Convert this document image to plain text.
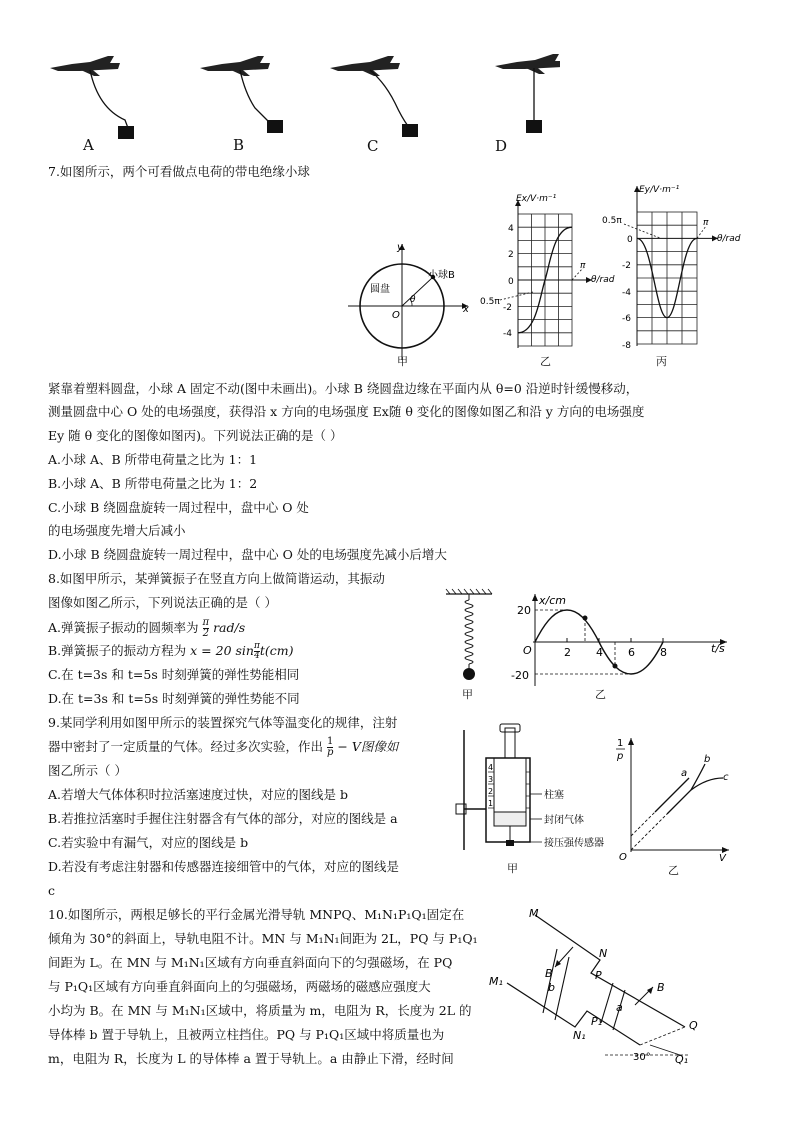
A	B	C	D
7.如图所示，两个可看做点电荷的带电绝缘小球
圆盘
小球B
O
θ
x
y
甲
Ex/V·m⁻¹
θ/rad
π
0.5π
4
2
0
-2
-4
乙
Ey/V·m⁻¹
θ/rad
π
0.5π
0
-2
-4
-6
-8
丙
紧靠着塑料圆盘，小球 A 固定不动(图中未画出)。小球 B 绕圆盘边缘在平面内从 θ=0 沿逆时针缓慢移动，
测量圆盘中心 O 处的电场强度，获得沿 x 方向的电场强度 Ex随 θ 变化的图像如图乙和沿 y 方向的电场强度
Ey 随 θ 变化的图像如图丙)。下列说法正确的是（ ）
A.小球 A、B 所带电荷量之比为 1：1
B.小球 A、B 所带电荷量之比为 1：2
C.小球 B 绕圆盘旋转一周过程中，盘中心 O 处
的电场强度先增大后减小
D.小球 B 绕圆盘旋转一周过程中，盘中心 O 处的电场强度先减小后增大
8.如图甲所示，某弹簧振子在竖直方向上做简谐运动，其振动
图像如图乙所示，下列说法正确的是（ ）
A.弹簧振子振动的圆频率为 $\frac{\pi}{2} rad/s$
B.弹簧振子的振动方程为 x = 20 $\sin \frac{\pi}{4} t(cm)$
C.在 t=3s 和 t=5s 时刻弹簧的弹性势能相同
D.在 t=3s 和 t=5s 时刻弹簧的弹性势能不同	甲
x/cm
t/s
2 4 6 8
20
-20
O
乙
9.某同学利用如图甲所示的装置探究气体等温变化的规律，注射
器中密封了一定质量的气体。经过多次实验，作出 $\frac{1}{p} - V$图像如
图乙所示（ ）
A.若增大气体体积时拉活塞速度过快，对应的图线是 b
B.若推拉活塞时手握住注射器含有气体的部分，对应的图线是 a
C.若实验中有漏气，对应的图线是 b
D.若没有考虑注射器和传感器连接细管中的气体，对应的图线是
c
4
3
2
1
柱塞
封闭气体
接压强传感器
甲
1
p
V
O
a
b
c
乙
10.如图所示，两根足够长的平行金属光滑导轨 MNPQ、M₁N₁P₁Q₁固定在
倾角为 30°的斜面上，导轨电阻不计。MN 与 M₁N₁间距为 2L，PQ 与 P₁Q₁
间距为 L。在 MN 与 M₁N₁区域有方向垂直斜面向下的匀强磁场，在 PQ
与 P₁Q₁区域有方向垂直斜面向上的匀强磁场，两磁场的磁感应强度大
小均为 B。在 MN 与 M₁N₁区域中，将质量为 m，电阻为 R，长度为 2L 的
导体棒 b 置于导轨上，且被两立柱挡住。PQ 与 P₁Q₁区域中将质量也为
m，电阻为 R，长度为 L 的导体棒 a 置于导轨上。a 由静止下滑，经时间
M
M₁
N
N₁
P
P₁	Q
Q₁
B
B
a
b
30°
